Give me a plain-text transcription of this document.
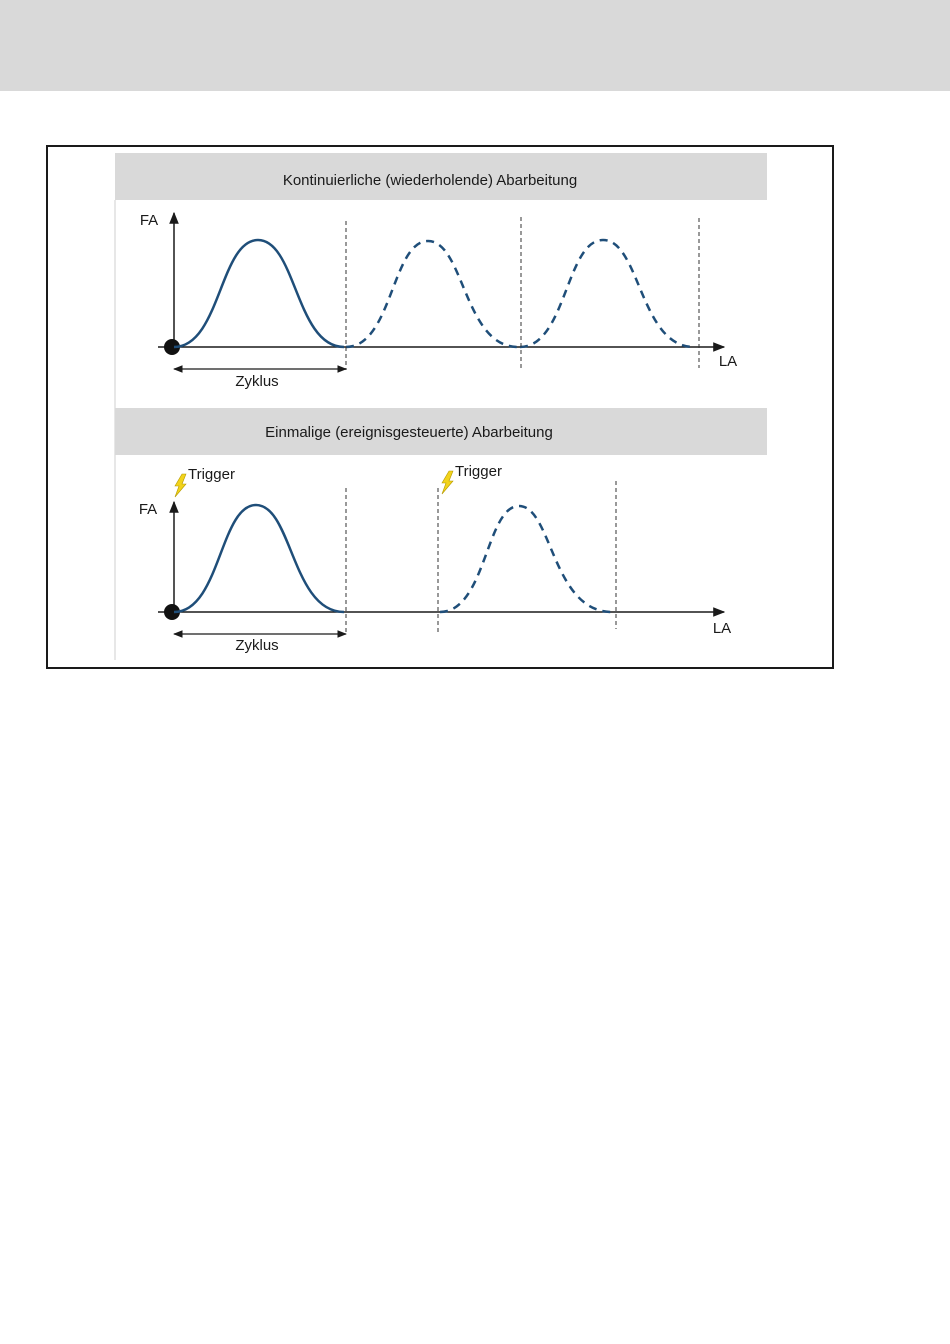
Kontinuierliche (wiederholende) Abarbeitung
FA
LA
Zyklus
Einmalige (ereignisgesteuerte) Abarbeitung
Trigger	Trigger
FA
LA
Zyklus
